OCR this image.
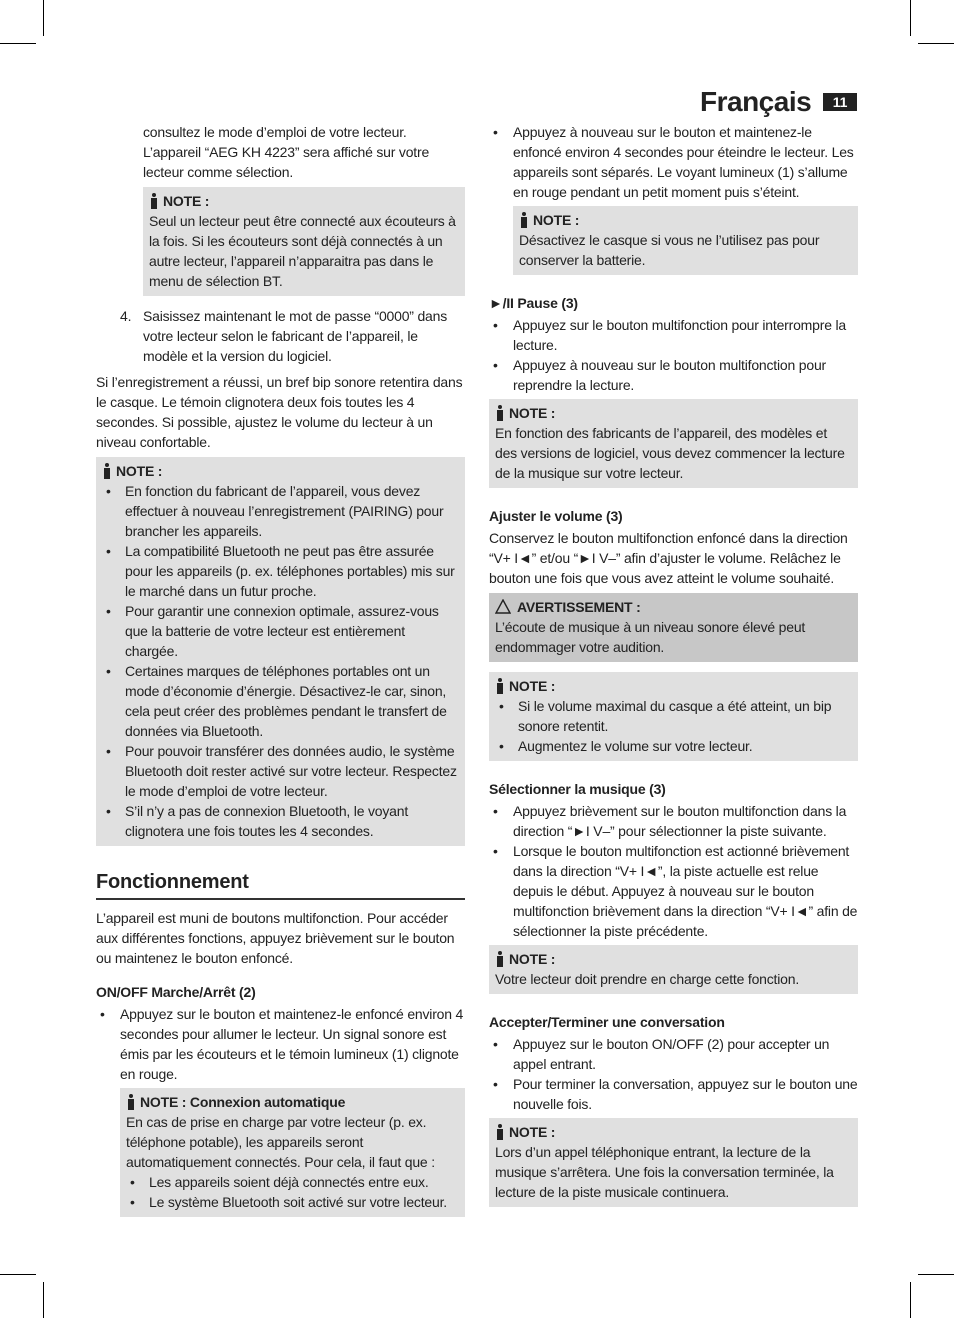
Français	11

consultez le mode d’emploi de votre lecteur. L’appareil “AEG KH 4223” sera affiché sur votre lecteur comme sélection.

NOTE :
Seul un lecteur peut être connecté aux écouteurs à la fois. Si les écouteurs sont déjà connectés à un autre lecteur, l’appareil n’apparaitra pas dans le menu de sélection BT.
4. Saisissez maintenant le mot de passe “0000” dans votre lecteur selon le fabricant de l’appareil, le modèle et la version du logiciel.

Si l’enregistrement a réussi, un bref bip sonore retentira dans le casque. Le témoin clignotera deux fois toutes les 4 secondes. Si possible, ajustez le volume du lecteur à un niveau confortable.

NOTE :
• En fonction du fabricant de l’appareil, vous devez effectuer à nouveau l’enregistrement (PAIRING) pour brancher les appareils.
• La compatibilité Bluetooth ne peut pas être assurée pour les appareils (p. ex. téléphones portables) mis sur le marché dans un futur proche.
• Pour garantir une connexion optimale, assurez-vous que la batterie de votre lecteur est entièrement chargée.
• Certaines marques de téléphones portables ont un mode d’économie d’énergie. Désactivez-le car, sinon, cela peut créer des problèmes pendant le transfert de données via Bluetooth.
• Pour pouvoir transférer des données audio, le système Bluetooth doit rester activé sur votre lecteur. Respectez le mode d’emploi de votre lecteur.
• S’il n’y a pas de connexion Bluetooth, le voyant clignotera une fois toutes les 4 secondes.
Fonctionnement

L’appareil est muni de boutons multifonction. Pour accéder aux différentes fonctions, appuyez brièvement sur le bouton ou maintenez le bouton enfoncé.

ON/OFF Marche/Arrêt (2)
• Appuyez sur le bouton et maintenez-le enfoncé environ 4 secondes pour allumer le lecteur. Un signal sonore est émis par les écouteurs et le témoin lumineux (1) clignote en rouge.
NOTE : Connexion automatique
En cas de prise en charge par votre lecteur (p. ex. téléphone potable), les appareils seront automatiquement connectés. Pour cela, il faut que :
• Les appareils soient déjà connectés entre eux.
• Le système Bluetooth soit activé sur votre lecteur.
• Appuyez à nouveau sur le bouton et maintenez-le enfoncé environ 4 secondes pour éteindre le lecteur. Les appareils sont séparés. Le voyant lumineux (1) s’allume en rouge pendant un petit moment puis s’éteint.
NOTE :
Désactivez le casque si vous ne l’utilisez pas pour conserver la batterie.
►/II Pause (3)
• Appuyez sur le bouton multifonction pour interrompre la lecture.
• Appuyez à nouveau sur le bouton multifonction pour reprendre la lecture.
NOTE :
En fonction des fabricants de l’appareil, des modèles et des versions de logiciel, vous devez commencer la lecture de la musique sur votre lecteur.
Ajuster le volume (3)

Conservez le bouton multifonction enfoncé dans la direction “V+ I◄” et/ou “►I V–” afin d’ajuster le volume. Relâchez le bouton une fois que vous avez atteint le volume souhaité.

AVERTISSEMENT :
L’écoute de musique à un niveau sonore élevé peut endommager votre audition.
NOTE :
• Si le volume maximal du casque a été atteint, un bip sonore retentit.
• Augmentez le volume sur votre lecteur.
Sélectionner la musique (3)
• Appuyez brièvement sur le bouton multifonction dans la direction “►I V–” pour sélectionner la piste suivante.
• Lorsque le bouton multifonction est actionné brièvement dans la direction “V+ I◄”, la piste actuelle est relue depuis le début. Appuyez à nouveau sur le bouton multifonction brièvement dans la direction “V+ I◄” afin de sélectionner la piste précédente.
NOTE :
Votre lecteur doit prendre en charge cette fonction.
Accepter/Terminer une conversation
• Appuyez sur le bouton ON/OFF (2) pour accepter un appel entrant.
• Pour terminer la conversation, appuyez sur le bouton une nouvelle fois.
NOTE :
Lors d’un appel téléphonique entrant, la lecture de la musique s’arrêtera. Une fois la conversation terminée, la lecture de la piste musicale continuera.
